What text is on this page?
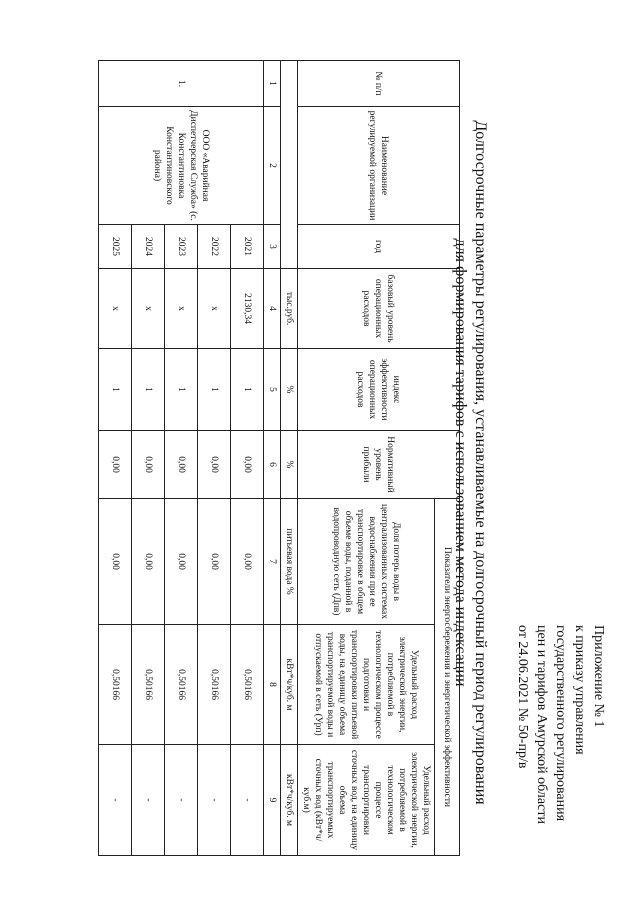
Приложение № 1
к приказу управления
государственного регулирования
цен и тарифов Амурской области
от 24.06.2021 № 50-пр/в
Долгосрочные параметры регулирования, устанавливаемые на долгосрочный период регулирования
для формирования тарифов с использованием метода индексации
№ п/п	Наименование регулируемой организации	год	базовый уровень операционных расходов	индекс эффективности операционных расходов	Нормативный уровень прибыли	Показатели энергосбережения и энергетической эффективности		
						Доля потерь воды в централизованных системах водоснабжения при ее транспортировке в общем объеме воды, поданной в водопроводную сеть (Дпв)	Удельный расход электрической энергии, потребляемой в технологическом процессе подготовки и транспортировки питьевой воды, на единицу объема транспортируемой воды и отпускаемой в сеть (Урп)	Удельный расход электрической энергии, потребляемой в технологическом процессе транспортировки сточных вод, на единицу объема транспортируемых сточных вод (кВт*ч/куб.м)
			тыс.руб.	%	%	питьевая вода %	кВт*ч/куб. м	кВт*ч/куб. м
1	2	3	4	5	6	7	8	9
1.	ООО «Аварийная Диспетчерская Служба» (с. Константиновка Константиновского района)	2021	2130,34	1	0,00	0,00	0,50166	-
		2022	x	1	0,00	0,00	0,50166	-
		2023	x	1	0,00	0,00	0,50166	-
		2024	x	1	0,00	0,00	0,50166	-
		2025	x	1	0,00	0,00	0,50166	-
